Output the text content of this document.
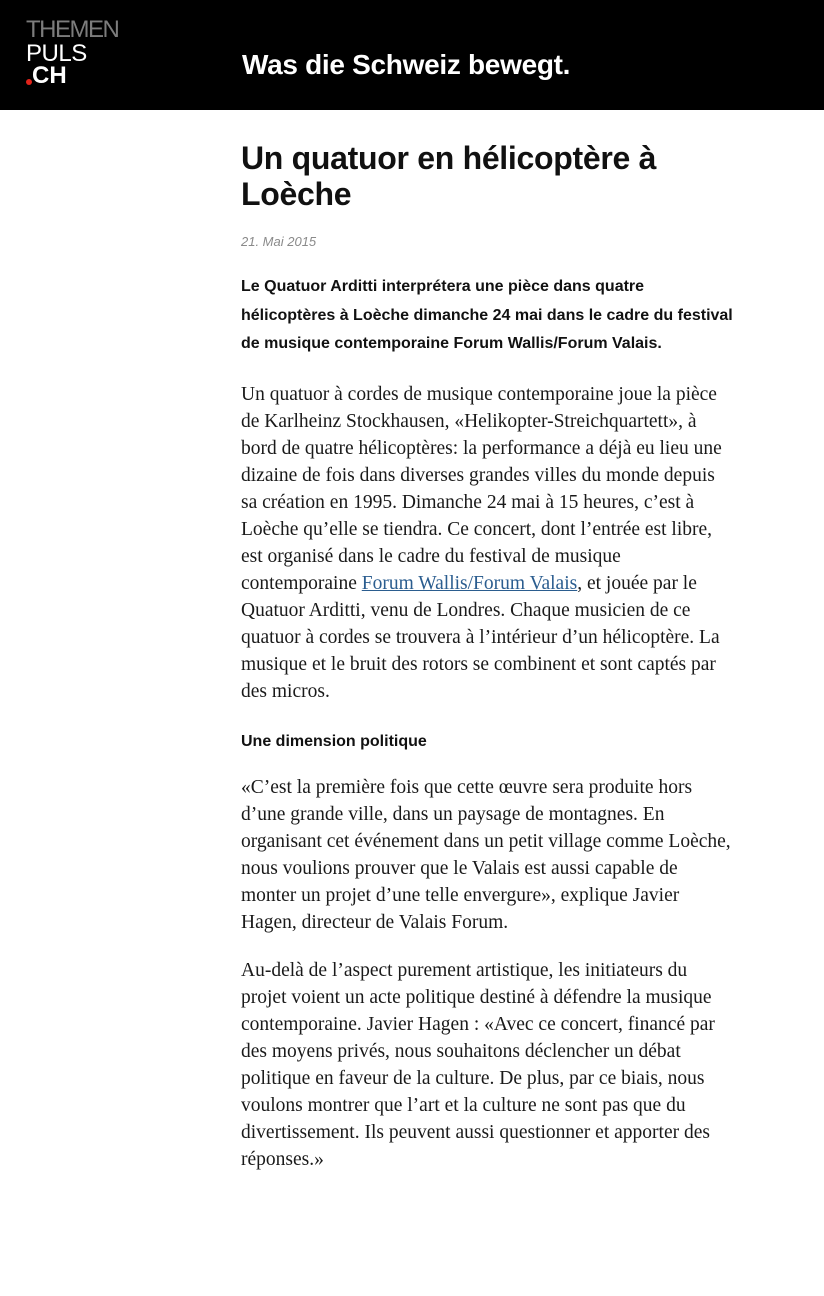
THEMEN
PULS
CH	Was die Schweiz bewegt.
Un quatuor en hélicoptère à Loèche
21. Mai 2015
Le Quatuor Arditti interprétera une pièce dans quatre hélicoptères à Loèche dimanche 24 mai dans le cadre du festival de musique contemporaine Forum Wallis/Forum Valais.

Un quatuor à cordes de musique contemporaine joue la pièce de Karlheinz Stockhausen, «Helikopter-Streichquartett», à bord de quatre hélicoptères: la performance a déjà eu lieu une dizaine de fois dans diverses grandes villes du monde depuis sa création en 1995. Dimanche 24 mai à 15 heures, c’est à Loèche qu’elle se tiendra. Ce concert, dont l’entrée est libre, est organisé dans le cadre du festival de musique contemporaine Forum Wallis/Forum Valais, et jouée par le Quatuor Arditti, venu de Londres. Chaque musicien de ce quatuor à cordes se trouvera à l’intérieur d’un hélicoptère. La musique et le bruit des rotors se combinent et sont captés par des micros.

Une dimension politique

«C’est la première fois que cette œuvre sera produite hors d’une grande ville, dans un paysage de montagnes. En organisant cet événement dans un petit village comme Loèche, nous voulions prouver que le Valais est aussi capable de monter un projet d’une telle envergure», explique Javier Hagen, directeur de Valais Forum.

Au-delà de l’aspect purement artistique, les initiateurs du projet voient un acte politique destiné à défendre la musique contemporaine. Javier Hagen : «Avec ce concert, financé par des moyens privés, nous souhaitons déclencher un débat politique en faveur de la culture. De plus, par ce biais, nous voulons montrer que l’art et la culture ne sont pas que du divertissement. Ils peuvent aussi questionner et apporter des réponses.»
